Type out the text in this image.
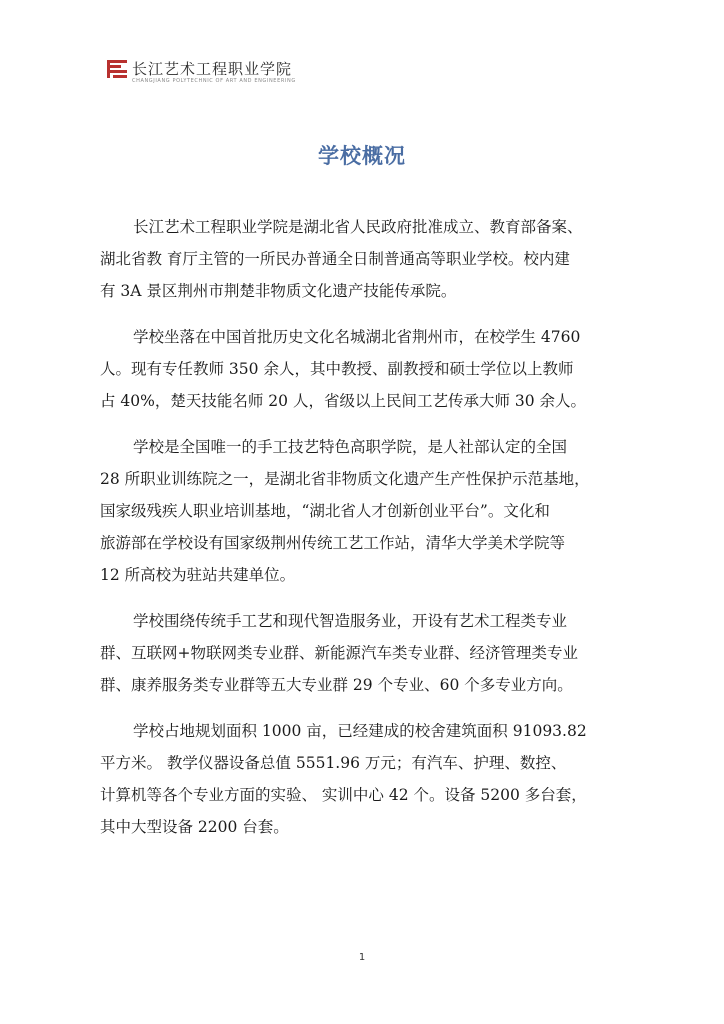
长江艺术工程职业学院
CHANGJIANG POLYTECHNIC OF ART AND ENGINEERING
学校概况

长江艺术工程职业学院是湖北省人民政府批准成立、教育部备案、
湖北省教 育厅主管的一所民办普通全日制普通高等职业学校。校内建
有 3A 景区荆州市荆楚非物质文化遗产技能传承院。

学校坐落在中国首批历史文化名城湖北省荆州市，在校学生 4760
人。现有专任教师 350 余人，其中教授、副教授和硕士学位以上教师
占 40%，楚天技能名师 20 人，省级以上民间工艺传承大师 30 余人。

学校是全国唯一的手工技艺特色高职学院，是人社部认定的全国
28 所职业训练院之一，是湖北省非物质文化遗产生产性保护示范基地，
国家级残疾人职业培训基地，“湖北省人才创新创业平台”。文化和
旅游部在学校设有国家级荆州传统工艺工作站，清华大学美术学院等
12 所高校为驻站共建单位。

学校围绕传统手工艺和现代智造服务业，开设有艺术工程类专业
群、互联网+物联网类专业群、新能源汽车类专业群、经济管理类专业
群、康养服务类专业群等五大专业群 29 个专业、60 个多专业方向。

学校占地规划面积 1000 亩，已经建成的校舍建筑面积 91093.82
平方米。 教学仪器设备总值 5551.96 万元；有汽车、护理、数控、
计算机等各个专业方面的实验、 实训中心 42 个。设备 5200 多台套，
其中大型设备 2200 台套。

1
